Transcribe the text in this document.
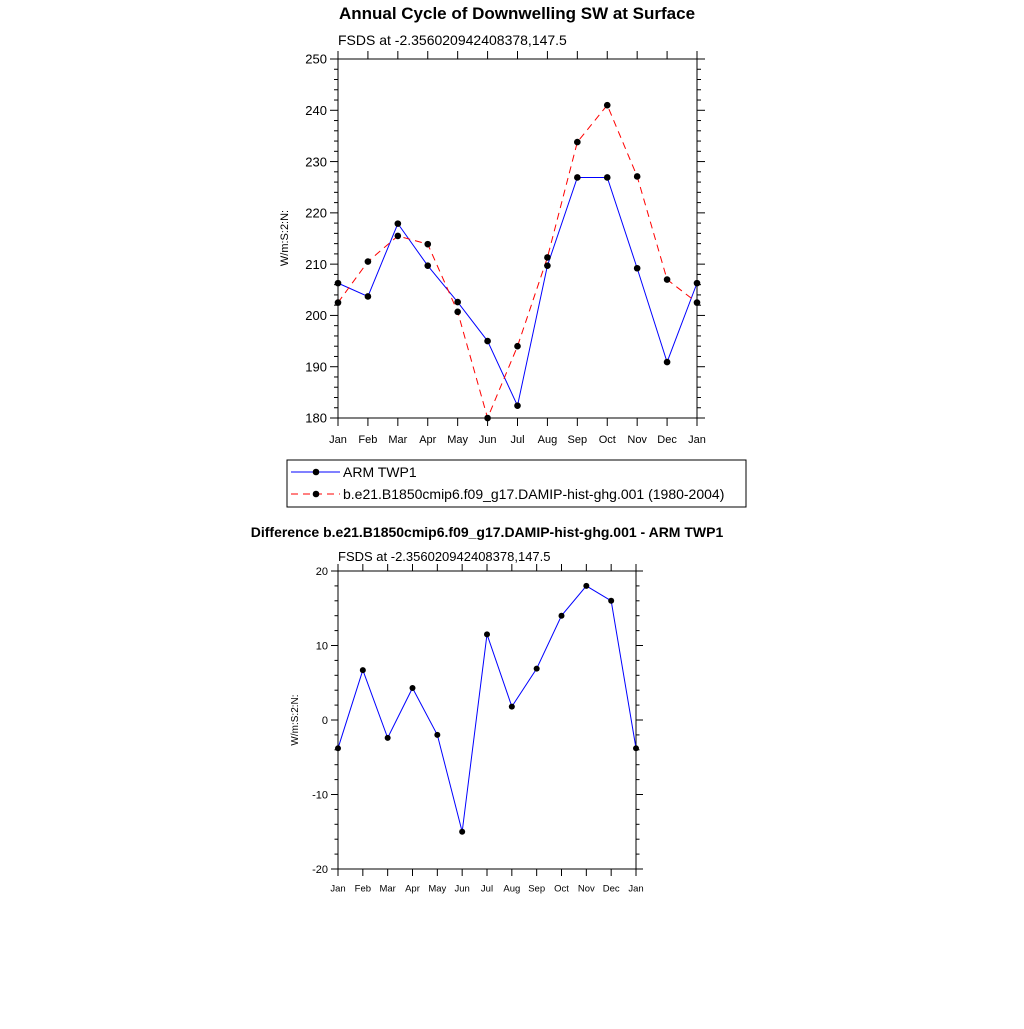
Annual Cycle of Downwelling SW at Surface
FSDS at -2.356020942408378,147.5
W/m:S:2:N:
180
190
200
210
220
230
240
250
Jan Feb Mar Apr May Jun Jul Aug Sep Oct Nov Dec Jan
ARM TWP1
b.e21.B1850cmip6.f09_g17.DAMIP-hist-ghg.001 (1980-2004)
Difference b.e21.B1850cmip6.f09_g17.DAMIP-hist-ghg.001 - ARM TWP1
FSDS at -2.356020942408378,147.5
W/m:S:2:N:
-20
-10
0
10
20
Jan Feb Mar Apr May Jun Jul Aug Sep Oct Nov Dec Jan
